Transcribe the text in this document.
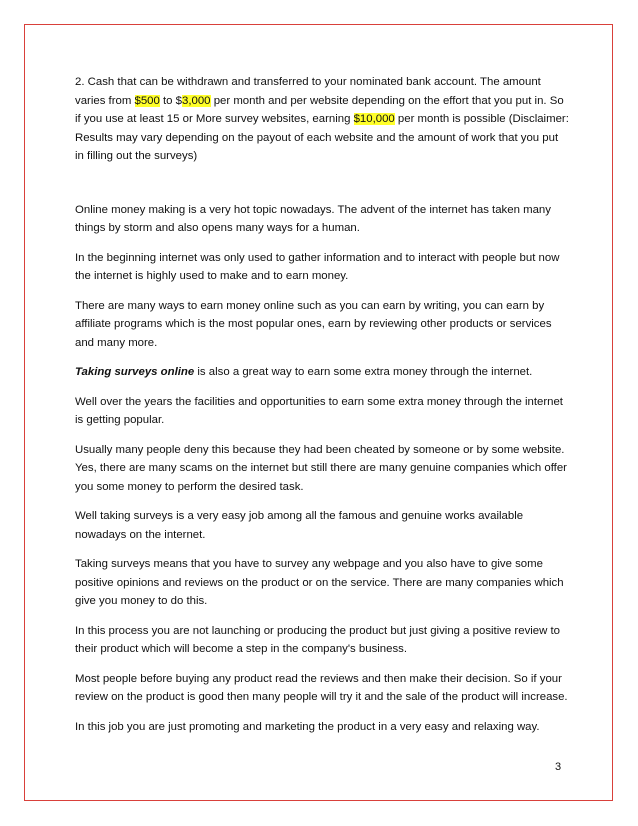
2. Cash that can be withdrawn and transferred to your nominated bank account. The amount varies from $500 to $3,000 per month and per website depending on the effort that you put in. So if you use at least 15 or More survey websites, earning $10,000 per month is possible (Disclaimer: Results may vary depending on the payout of each website and the amount of work that you put in filling out the surveys)

Online money making is a very hot topic nowadays. The advent of the internet has taken many things by storm and also opens many ways for a human.

In the beginning internet was only used to gather information and to interact with people but now the internet is highly used to make and to earn money.

There are many ways to earn money online such as you can earn by writing, you can earn by affiliate programs which is the most popular ones, earn by reviewing other products or services and many more.

Taking surveys online is also a great way to earn some extra money through the internet.

Well over the years the facilities and opportunities to earn some extra money through the internet is getting popular.

Usually many people deny this because they had been cheated by someone or by some website. Yes, there are many scams on the internet but still there are many genuine companies which offer you some money to perform the desired task.

Well taking surveys is a very easy job among all the famous and genuine works available nowadays on the internet.

Taking surveys means that you have to survey any webpage and you also have to give some positive opinions and reviews on the product or on the service. There are many companies which give you money to do this.

In this process you are not launching or producing the product but just giving a positive review to their product which will become a step in the company's business.

Most people before buying any product read the reviews and then make their decision. So if your review on the product is good then many people will try it and the sale of the product will increase.

In this job you are just promoting and marketing the product in a very easy and relaxing way.

3
